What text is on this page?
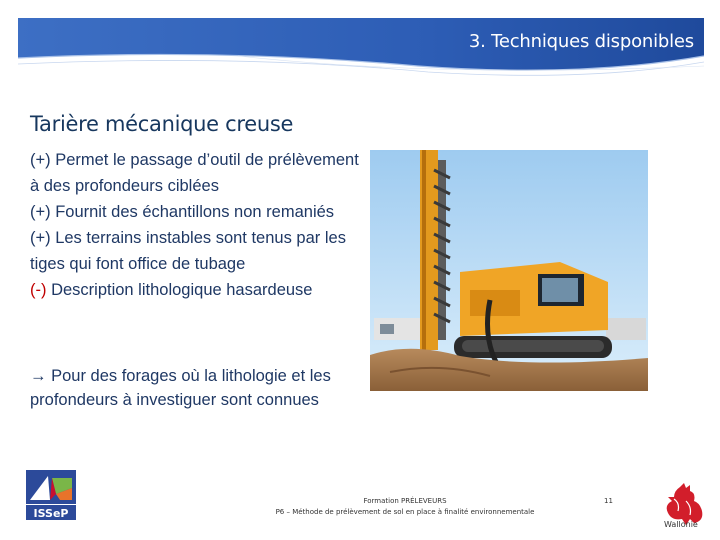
3. Techniques disponibles
Tarière mécanique creuse
(+) Permet le passage d’outil de prélèvement à des profondeurs ciblées
(+) Fournit des échantillons non remaniés
(+) Les terrains instables sont tenus par les tiges qui font office de tubage
(-) Description lithologique hasardeuse

→ Pour des forages où la lithologie et les profondeurs à investiguer sont connues

ISSeP
Formation PRÉLEVEURS
P6 – Méthode de prélèvement de sol en place à finalité environnementale
11
Wallonie
